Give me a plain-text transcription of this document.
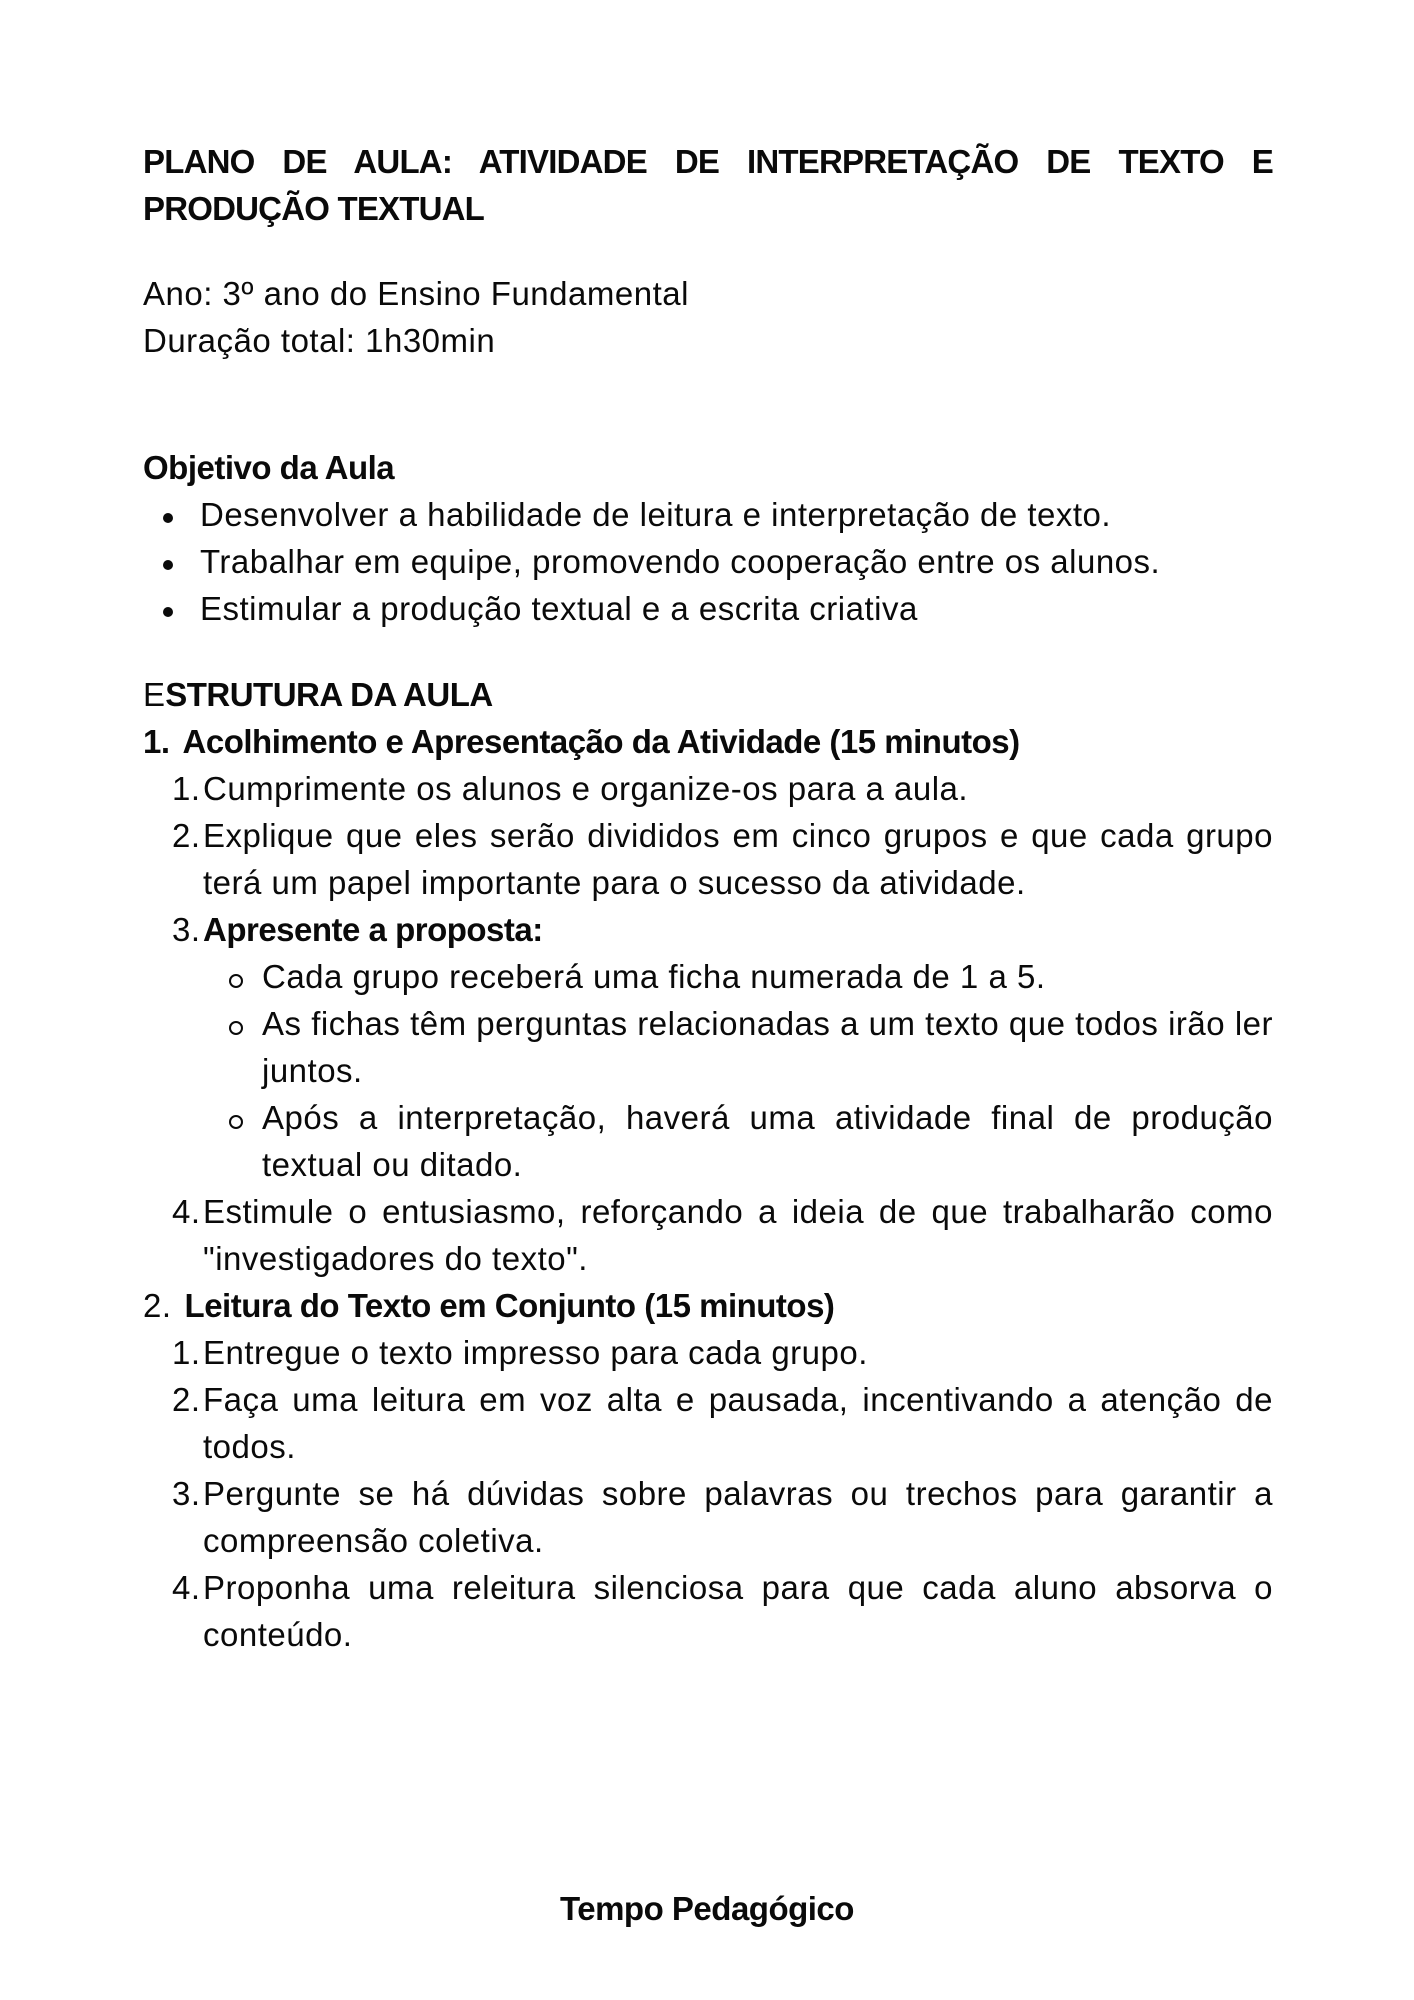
PLANO DE AULA: ATIVIDADE DE INTERPRETAÇÃO DE TEXTO E PRODUÇÃO TEXTUAL
Ano: 3º ano do Ensino Fundamental
Duração total: 1h30min
Objetivo da Aula
Desenvolver a habilidade de leitura e interpretação de texto.
Trabalhar em equipe, promovendo cooperação entre os alunos.
Estimular a produção textual e a escrita criativa
ESTRUTURA DA AULA
1. Acolhimento e Apresentação da Atividade (15 minutos)
1. Cumprimente os alunos e organize-os para a aula.
2. Explique que eles serão divididos em cinco grupos e que cada grupo terá um papel importante para o sucesso da atividade.
3. Apresente a proposta:
Cada grupo receberá uma ficha numerada de 1 a 5.
As fichas têm perguntas relacionadas a um texto que todos irão ler juntos.
Após a interpretação, haverá uma atividade final de produção textual ou ditado.
4. Estimule o entusiasmo, reforçando a ideia de que trabalharão como "investigadores do texto".
2. Leitura do Texto em Conjunto (15 minutos)
1. Entregue o texto impresso para cada grupo.
2. Faça uma leitura em voz alta e pausada, incentivando a atenção de todos.
3. Pergunte se há dúvidas sobre palavras ou trechos para garantir a compreensão coletiva.
4. Proponha uma releitura silenciosa para que cada aluno absorva o conteúdo.
Tempo Pedagógico
